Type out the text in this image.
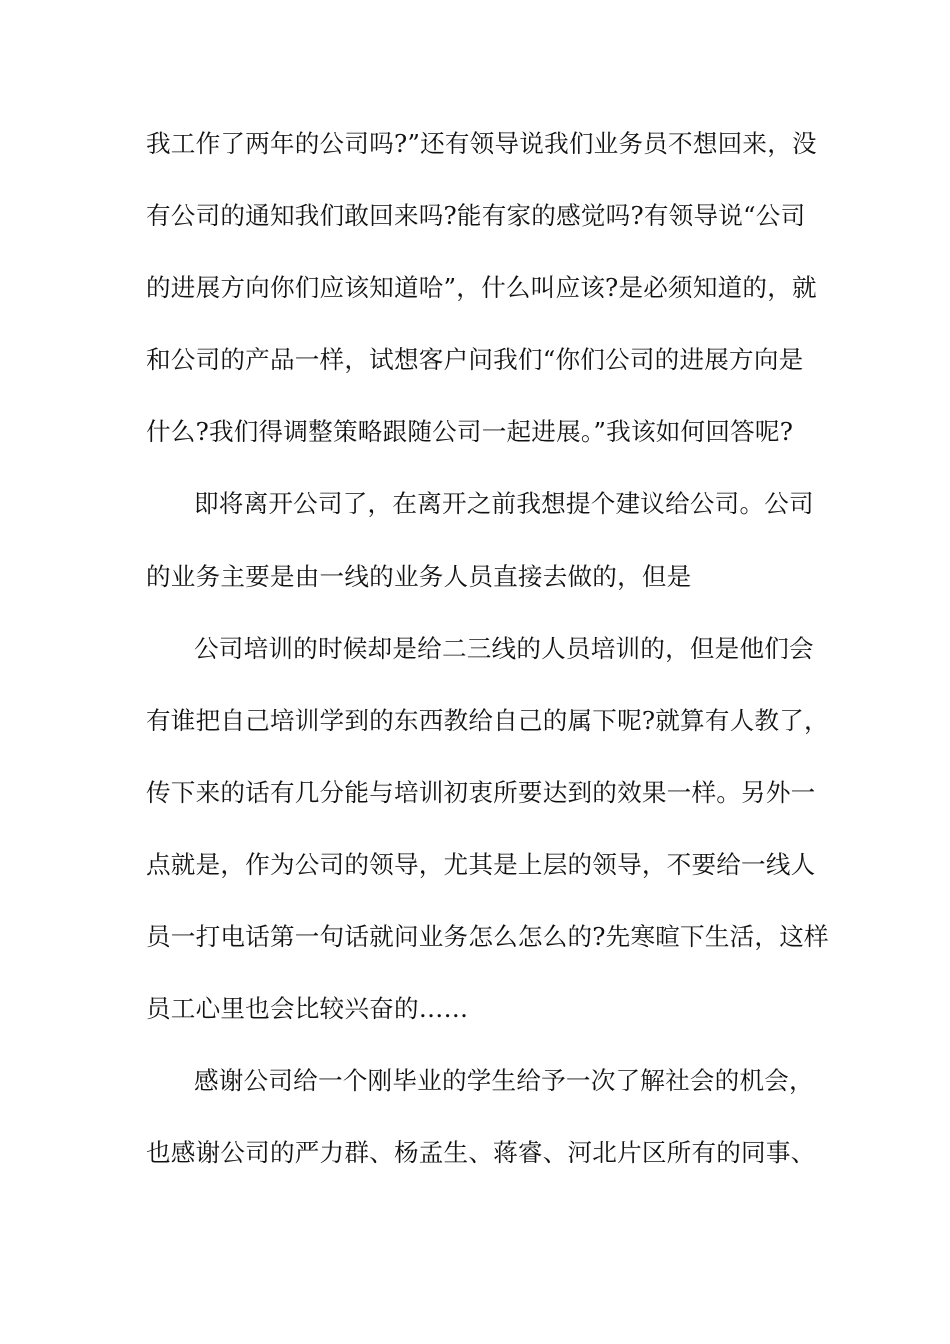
我工作了两年的公司吗?”还有领导说我们业务员不想回来，没

有公司的通知我们敢回来吗?能有家的感觉吗?有领导说“公司

的进展方向你们应该知道哈”，什么叫应该?是必须知道的，就

和公司的产品一样，试想客户问我们“你们公司的进展方向是

什么?我们得调整策略跟随公司一起进展。”我该如何回答呢?

即将离开公司了，在离开之前我想提个建议给公司。公司

的业务主要是由一线的业务人员直接去做的，但是

公司培训的时候却是给二三线的人员培训的，但是他们会

有谁把自己培训学到的东西教给自己的属下呢?就算有人教了，

传下来的话有几分能与培训初衷所要达到的效果一样。另外一

点就是，作为公司的领导，尤其是上层的领导，不要给一线人

员一打电话第一句话就问业务怎么怎么的?先寒暄下生活，这样

员工心里也会比较兴奋的……

感谢公司给一个刚毕业的学生给予一次了解社会的机会，

也感谢公司的严力群、杨孟生、蒋睿、河北片区所有的同事、
